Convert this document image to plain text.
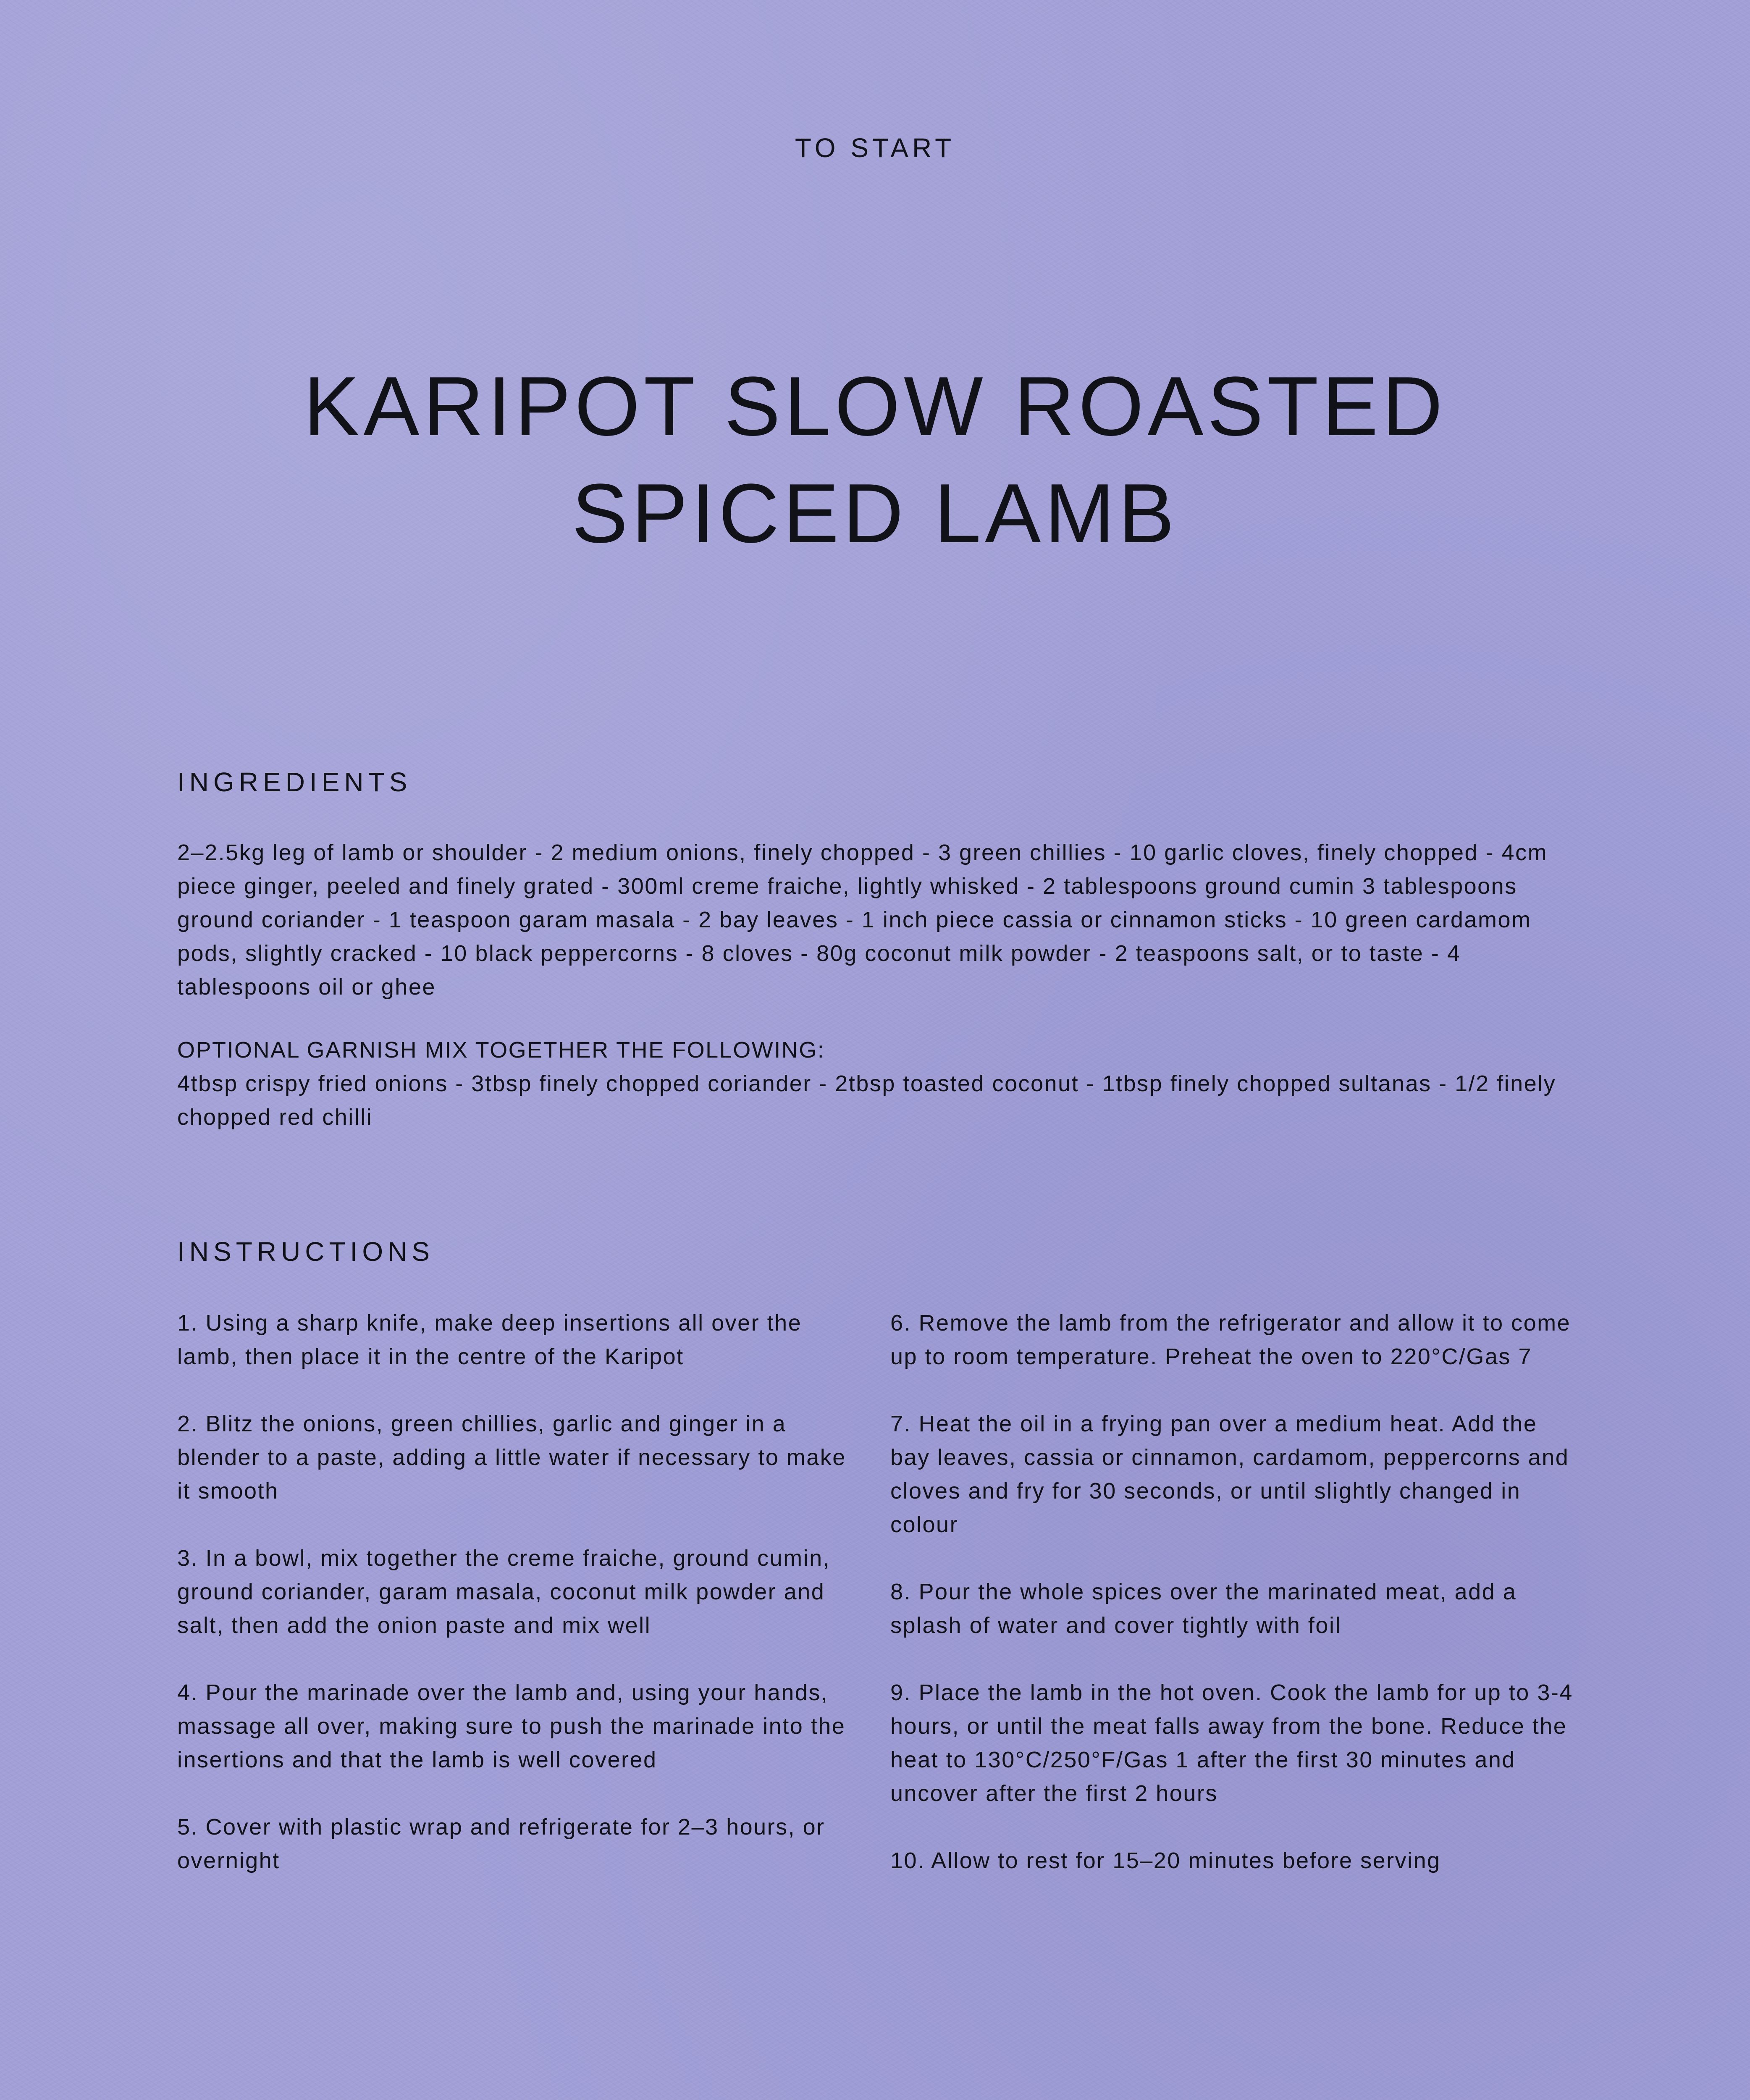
TO START
KARIPOT SLOW ROASTED
SPICED LAMB
INGREDIENTS

2–2.5kg leg of lamb or shoulder - 2 medium onions, finely chopped - 3 green chillies - 10 garlic cloves, finely chopped - 4cm piece ginger, peeled and finely grated - 300ml creme fraiche, lightly whisked - 2 tablespoons ground cumin 3 tablespoons ground coriander - 1 teaspoon garam masala - 2 bay leaves - 1 inch piece cassia or cinnamon sticks - 10 green cardamom pods, slightly cracked - 10 black peppercorns - 8 cloves - 80g coconut milk powder - 2 teaspoons salt, or to taste - 4 tablespoons oil or ghee

OPTIONAL GARNISH MIX TOGETHER THE FOLLOWING:

4tbsp crispy fried onions - 3tbsp finely chopped coriander - 2tbsp toasted coconut - 1tbsp finely chopped sultanas - 1/2 finely chopped red chilli

INSTRUCTIONS

1. Using a sharp knife, make deep insertions all over the lamb, then place it in the centre of the Karipot

2. Blitz the onions, green chillies, garlic and ginger in a blender to a paste, adding a little water if necessary to make it smooth

3. In a bowl, mix together the creme fraiche, ground cumin, ground coriander, garam masala, coconut milk powder and salt, then add the onion paste and mix well

4. Pour the marinade over the lamb and, using your hands, massage all over, making sure to push the marinade into the insertions and that the lamb is well covered

5. Cover with plastic wrap and refrigerate for 2–3 hours, or overnight

6. Remove the lamb from the refrigerator and allow it to come up to room temperature. Preheat the oven to 220°C/Gas 7

7. Heat the oil in a frying pan over a medium heat. Add the bay leaves, cassia or cinnamon, cardamom, peppercorns and cloves and fry for 30 seconds, or until slightly changed in colour

8. Pour the whole spices over the marinated meat, add a splash of water and cover tightly with foil

9. Place the lamb in the hot oven. Cook the lamb for up to 3-4 hours, or until the meat falls away from the bone. Reduce the heat to 130°C/250°F/Gas 1 after the first 30 minutes and uncover after the first 2 hours

10. Allow to rest for 15–20 minutes before serving
